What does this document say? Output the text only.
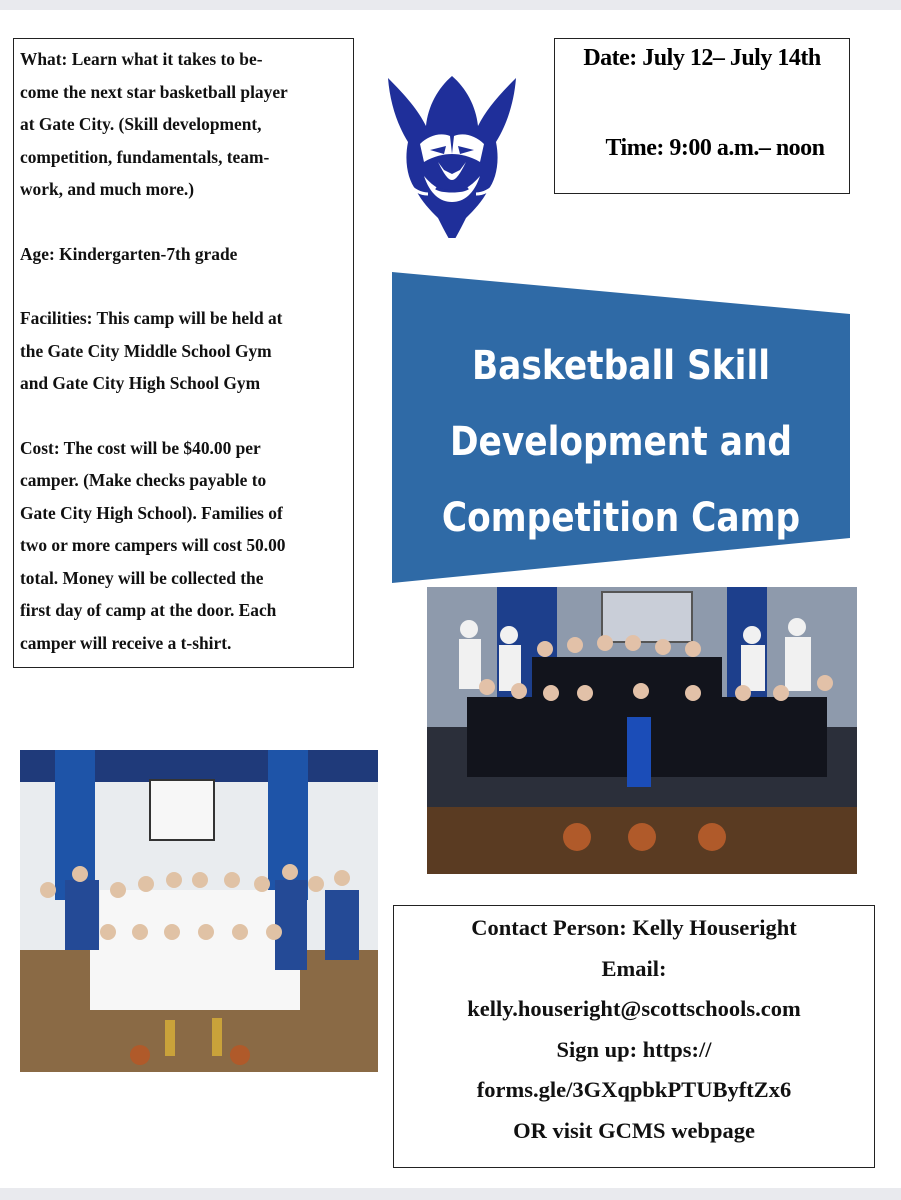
What: Learn what it takes to be-

come the next star basketball player

at Gate City. (Skill development,

competition, fundamentals, team-

work, and much more.)

Age: Kindergarten-7th grade

Facilities: This camp will be held at

the Gate City Middle School Gym

and Gate City High School Gym

Cost: The cost will be $40.00 per

camper. (Make checks payable to

Gate City High School). Families of

two or more campers will cost 50.00

total. Money will be collected the

first day of camp at the door. Each

camper will receive a t-shirt.

Date: July 12– July 14th
Time: 9:00 a.m.– noon
Basketball Skill
Development and
Competition Camp

Contact Person: Kelly Houseright

Email:

kelly.houseright@scottschools.com

Sign up: https://

forms.gle/3GXqpbkPTUByftZx6

OR visit GCMS webpage
